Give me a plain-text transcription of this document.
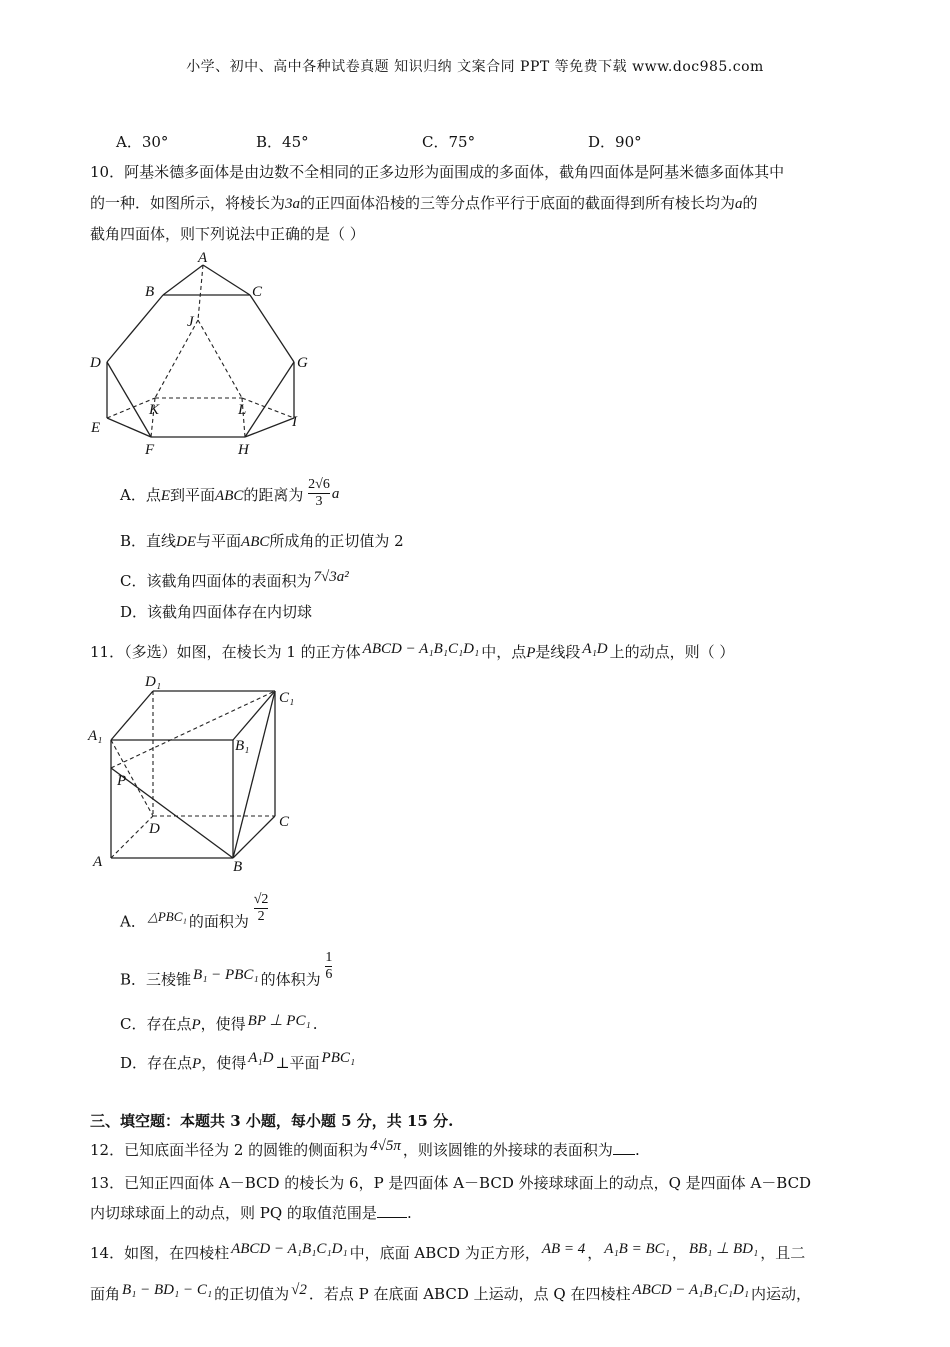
小学、初中、高中各种试卷真题 知识归纳 文案合同 PPT 等免费下载 www.doc985.com
A．30°	B．45°	C．75°	D．90°
10．阿基米德多面体是由边数不全相同的正多边形为面围成的多面体，截角四面体是阿基米德多面体其中
的一种．如图所示，将棱长为3a的正四面体沿棱的三等分点作平行于底面的截面得到所有棱长均为a的
截角四面体，则下列说法中正确的是（ ）
A
B	C
D
E
F
G
H
I
J
K	L
A．点E到平面ABC的距离为 $\frac{2√6}{3}$ a
B．直线DE与平面ABC所成角的正切值为 2
C．该截角四面体的表面积为 7√3a²
D．该截角四面体存在内切球
11．（多选）如图，在棱长为 1 的正方体 ABCD − A₁B₁C₁D₁ 中，点P是线段 A₁D 上的动点，则（ ）
D₁
C₁
A₁
B₁
P
D	C
A	B
A． △PBC₁ 的面积为 $\frac{√2}{2}$
B．三棱锥 B₁ − PBC₁ 的体积为 $\frac{1}{6}$
C．存在点P，使得 BP ⊥ PC₁ .
D．存在点P，使得 A₁D ⊥平面 PBC₁
三、填空题：本题共 3 小题，每小题 5 分，共 15 分.
12．已知底面半径为 2 的圆锥的侧面积为 4√5π ，则该圆锥的外接球的表面积为 .
13．已知正四面体 A－BCD 的棱长为 6，P 是四面体 A－BCD 外接球球面上的动点，Q 是四面体 A－BCD
内切球球面上的动点，则 PQ 的取值范围是 .
14．如图，在四棱柱 ABCD − A₁B₁C₁D₁ 中，底面 ABCD 为正方形， AB = 4 ， A₁B = BC₁ ， BB₁ ⊥ BD₁ ，且二
面角 B₁ − BD₁ − C₁ 的正切值为 √2 ．若点 P 在底面 ABCD 上运动，点 Q 在四棱柱 ABCD − A₁B₁C₁D₁ 内运动，
